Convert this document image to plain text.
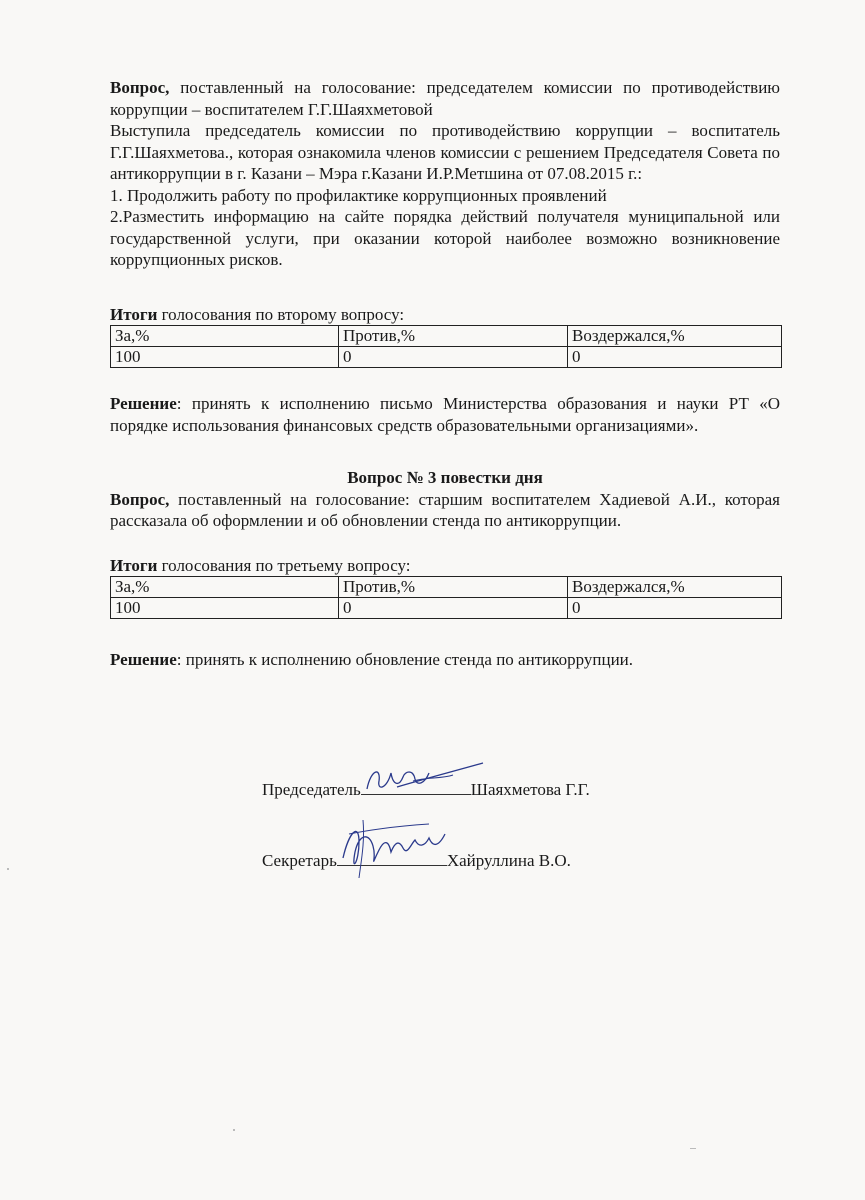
Вопрос, поставленный на голосование: председателем комиссии по противодействию коррупции – воспитателем Г.Г.Шаяхметовой

Выступила председатель комиссии по противодействию коррупции – воспитатель Г.Г.Шаяхметова., которая ознакомила членов комиссии с решением Председателя Совета по антикоррупции в г. Казани – Мэра г.Казани И.Р.Метшина от 07.08.2015 г.:

1. Продолжить работу по профилактике коррупционных проявлений

2.Разместить информацию на сайте порядка действий получателя муниципальной или государственной услуги, при оказании которой наиболее возможно возникновение коррупционных рисков.

Итоги голосования по второму вопросу:

За,%	Против,%	Воздержался,%
100	0	0

Решение: принять к исполнению письмо Министерства образования и науки РТ «О порядке использования финансовых средств образовательными организациями».

Вопрос № 3 повестки дня

Вопрос, поставленный на голосование: старшим воспитателем Хадиевой А.И., которая рассказала об оформлении и об обновлении стенда по антикоррупции.

Итоги голосования по третьему вопросу:

За,%	Против,%	Воздержался,%
100	0	0

Решение: принять к исполнению обновление стенда по антикоррупции.

Председатель	Шаяхметова Г.Г.
Секретарь	Хайруллина В.О.
